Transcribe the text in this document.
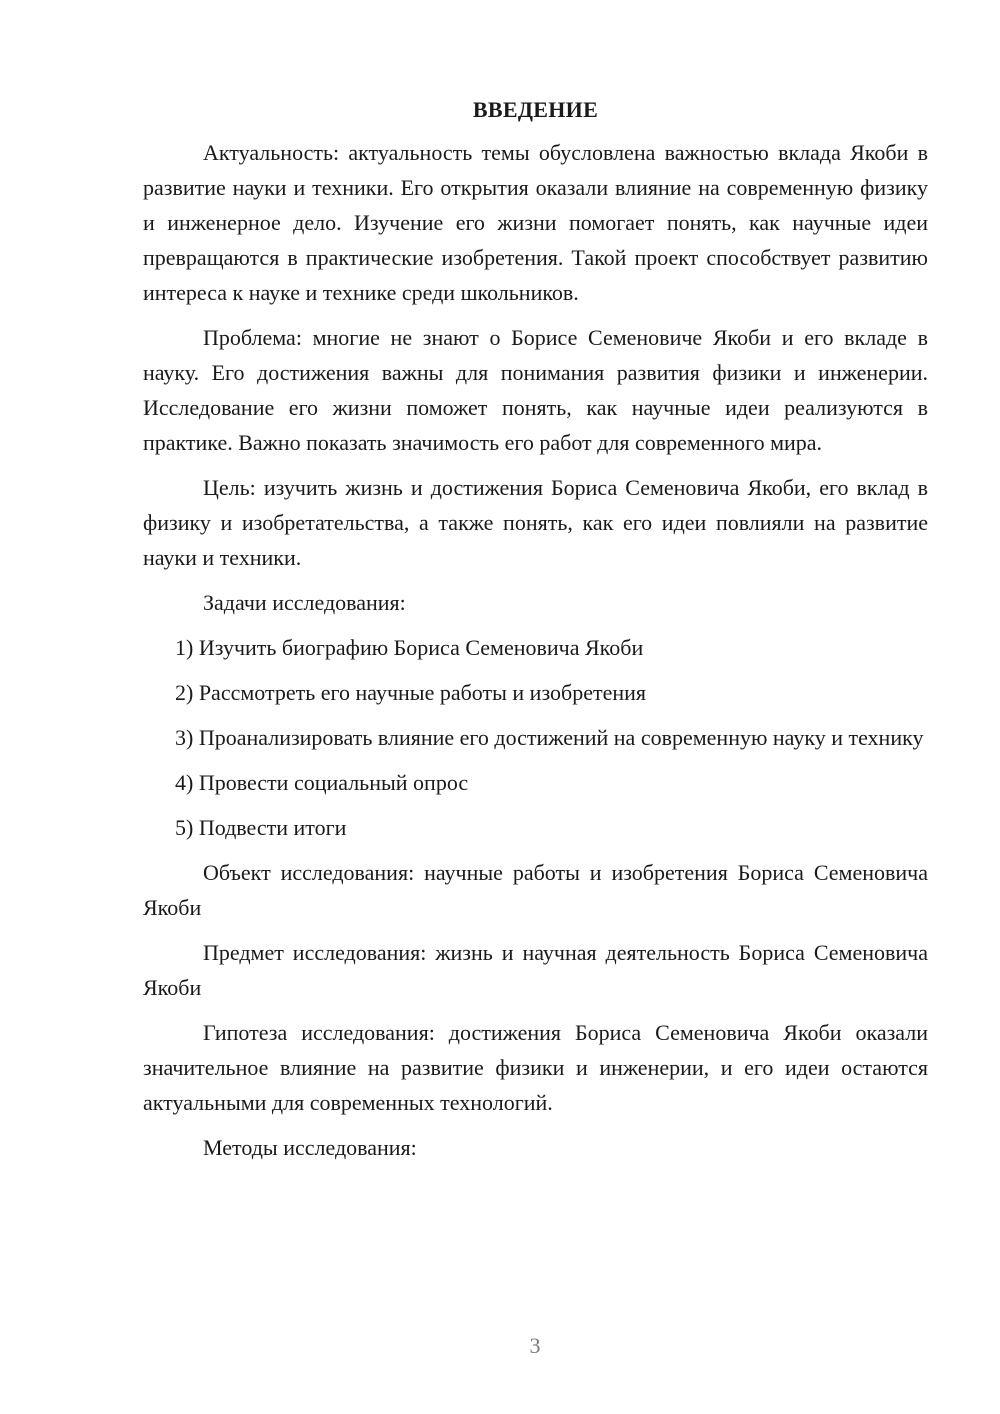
ВВЕДЕНИЕ

Актуальность: актуальность темы обусловлена важностью вклада Якоби в развитие науки и техники. Его открытия оказали влияние на современную физику и инженерное дело. Изучение его жизни помогает понять, как научные идеи превращаются в практические изобретения. Такой проект способствует развитию интереса к науке и технике среди школьников.

Проблема: многие не знают о Борисе Семеновиче Якоби и его вкладе в науку. Его достижения важны для понимания развития физики и инженерии. Исследование его жизни поможет понять, как научные идеи реализуются в практике. Важно показать значимость его работ для современного мира.

Цель: изучить жизнь и достижения Бориса Семеновича Якоби, его вклад в физику и изобретательства, а также понять, как его идеи повлияли на развитие науки и техники.

Задачи исследования:

1) Изучить биографию Бориса Семеновича Якоби

2) Рассмотреть его научные работы и изобретения

3) Проанализировать влияние его достижений на современную науку и технику

4) Провести социальный опрос

5) Подвести итоги

Объект исследования: научные работы и изобретения Бориса Семеновича Якоби

Предмет исследования: жизнь и научная деятельность Бориса Семеновича Якоби

Гипотеза исследования: достижения Бориса Семеновича Якоби оказали значительное влияние на развитие физики и инженерии, и его идеи остаются актуальными для современных технологий.

Методы исследования:

3
